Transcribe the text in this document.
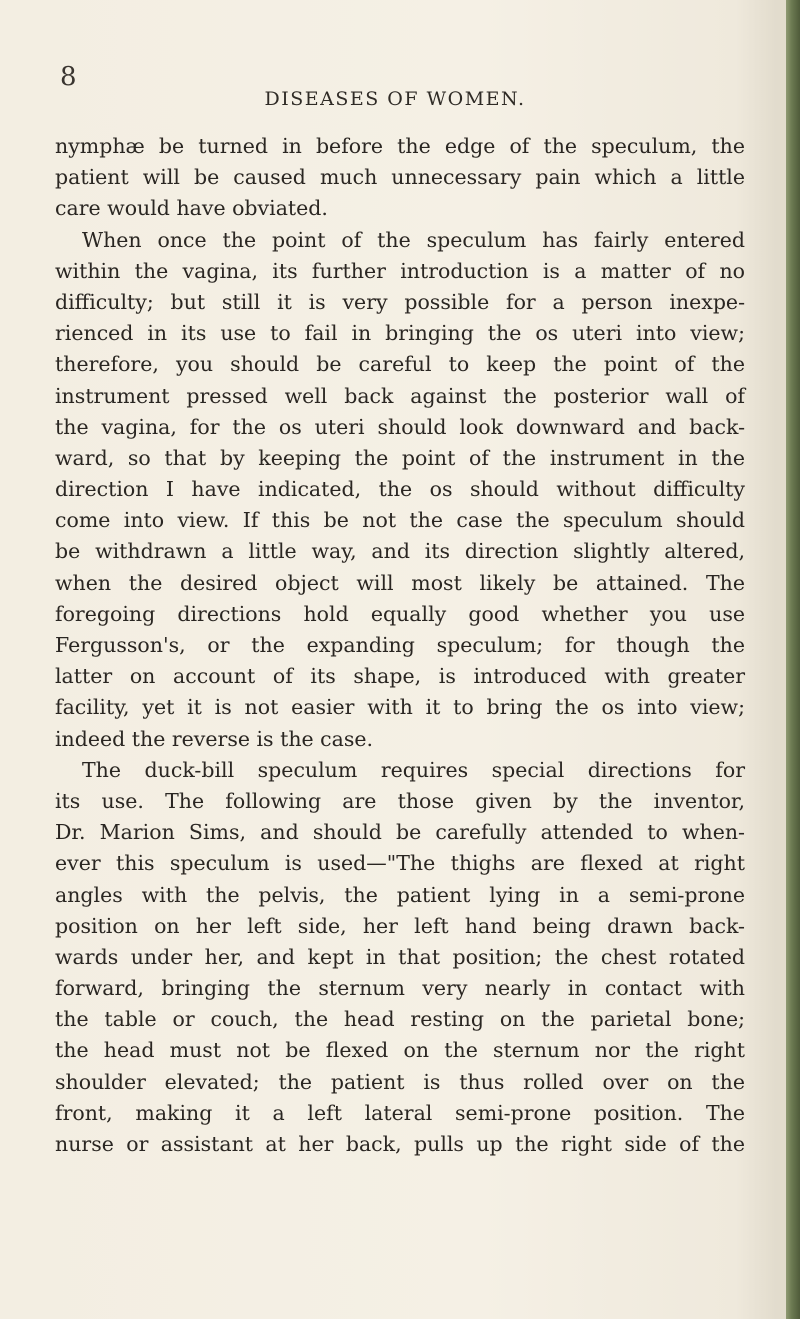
8
DISEASES OF WOMEN.
nymphæ be turned in before the edge of the speculum, the
patient will be caused much unnecessary pain which a little
care would have obviated.
When once the point of the speculum has fairly entered
within the vagina, its further introduction is a matter of no
difficulty; but still it is very possible for a person inexpe-
rienced in its use to fail in bringing the os uteri into view;
therefore, you should be careful to keep the point of the
instrument pressed well back against the posterior wall of
the vagina, for the os uteri should look downward and back-
ward, so that by keeping the point of the instrument in the
direction I have indicated, the os should without difficulty
come into view. If this be not the case the speculum should
be withdrawn a little way, and its direction slightly altered,
when the desired object will most likely be attained. The
foregoing directions hold equally good whether you use
Fergusson's, or the expanding speculum; for though the
latter on account of its shape, is introduced with greater
facility, yet it is not easier with it to bring the os into view;
indeed the reverse is the case.
The duck-bill speculum requires special directions for
its use. The following are those given by the inventor,
Dr. Marion Sims, and should be carefully attended to when-
ever this speculum is used—"The thighs are flexed at right
angles with the pelvis, the patient lying in a semi-prone
position on her left side, her left hand being drawn back-
wards under her, and kept in that position; the chest rotated
forward, bringing the sternum very nearly in contact with
the table or couch, the head resting on the parietal bone;
the head must not be flexed on the sternum nor the right
shoulder elevated; the patient is thus rolled over on the
front, making it a left lateral semi-prone position. The
nurse or assistant at her back, pulls up the right side of the
